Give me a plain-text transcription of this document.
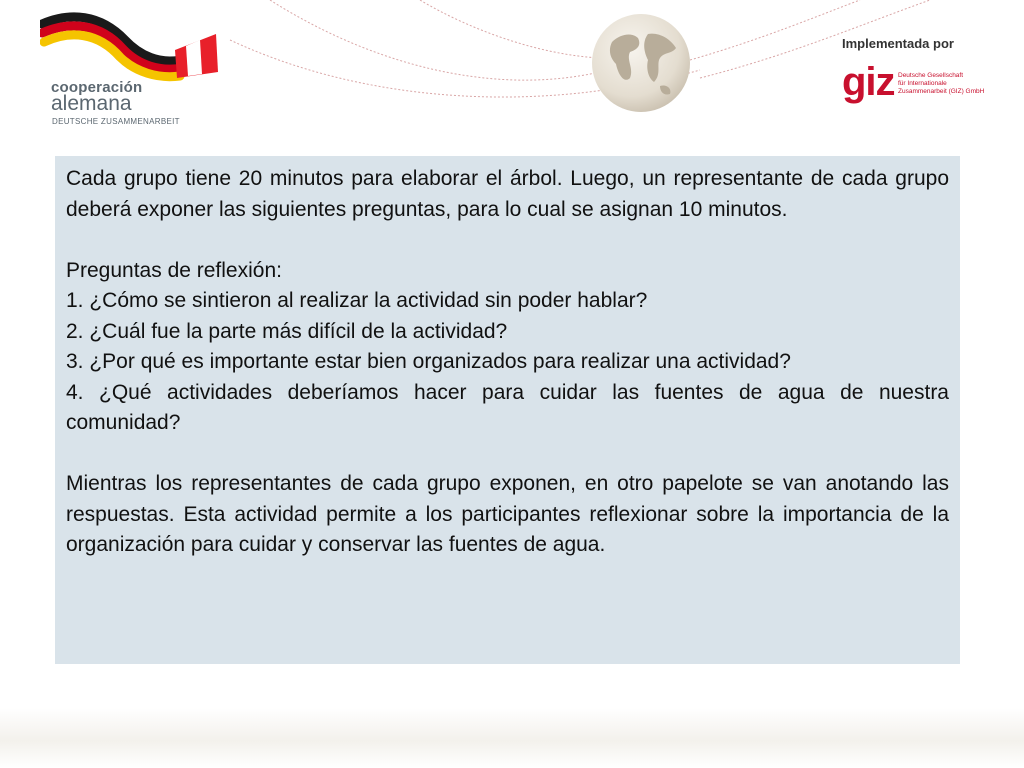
cooperación
alemana
DEUTSCHE ZUSAMMENARBEIT
Implementada por
giz Deutsche Gesellschaft
für Internationale
Zusammenarbeit (GIZ) GmbH

Cada grupo tiene 20 minutos para elaborar el árbol. Luego, un representante de cada grupo deberá exponer las siguientes preguntas, para lo cual se asignan 10 minutos.

Preguntas de reflexión:

1. ¿Cómo se sintieron al realizar la actividad sin poder hablar?

2. ¿Cuál fue la parte más difícil de la actividad?

3. ¿Por qué es importante estar bien organizados para realizar una actividad?

4. ¿Qué actividades deberíamos hacer para cuidar las fuentes de agua de nuestra comunidad?

Mientras los representantes de cada grupo exponen, en otro papelote se van anotando las respuestas. Esta actividad permite a los participantes reflexionar sobre la importancia de la organización para cuidar y conservar las fuentes de agua.
